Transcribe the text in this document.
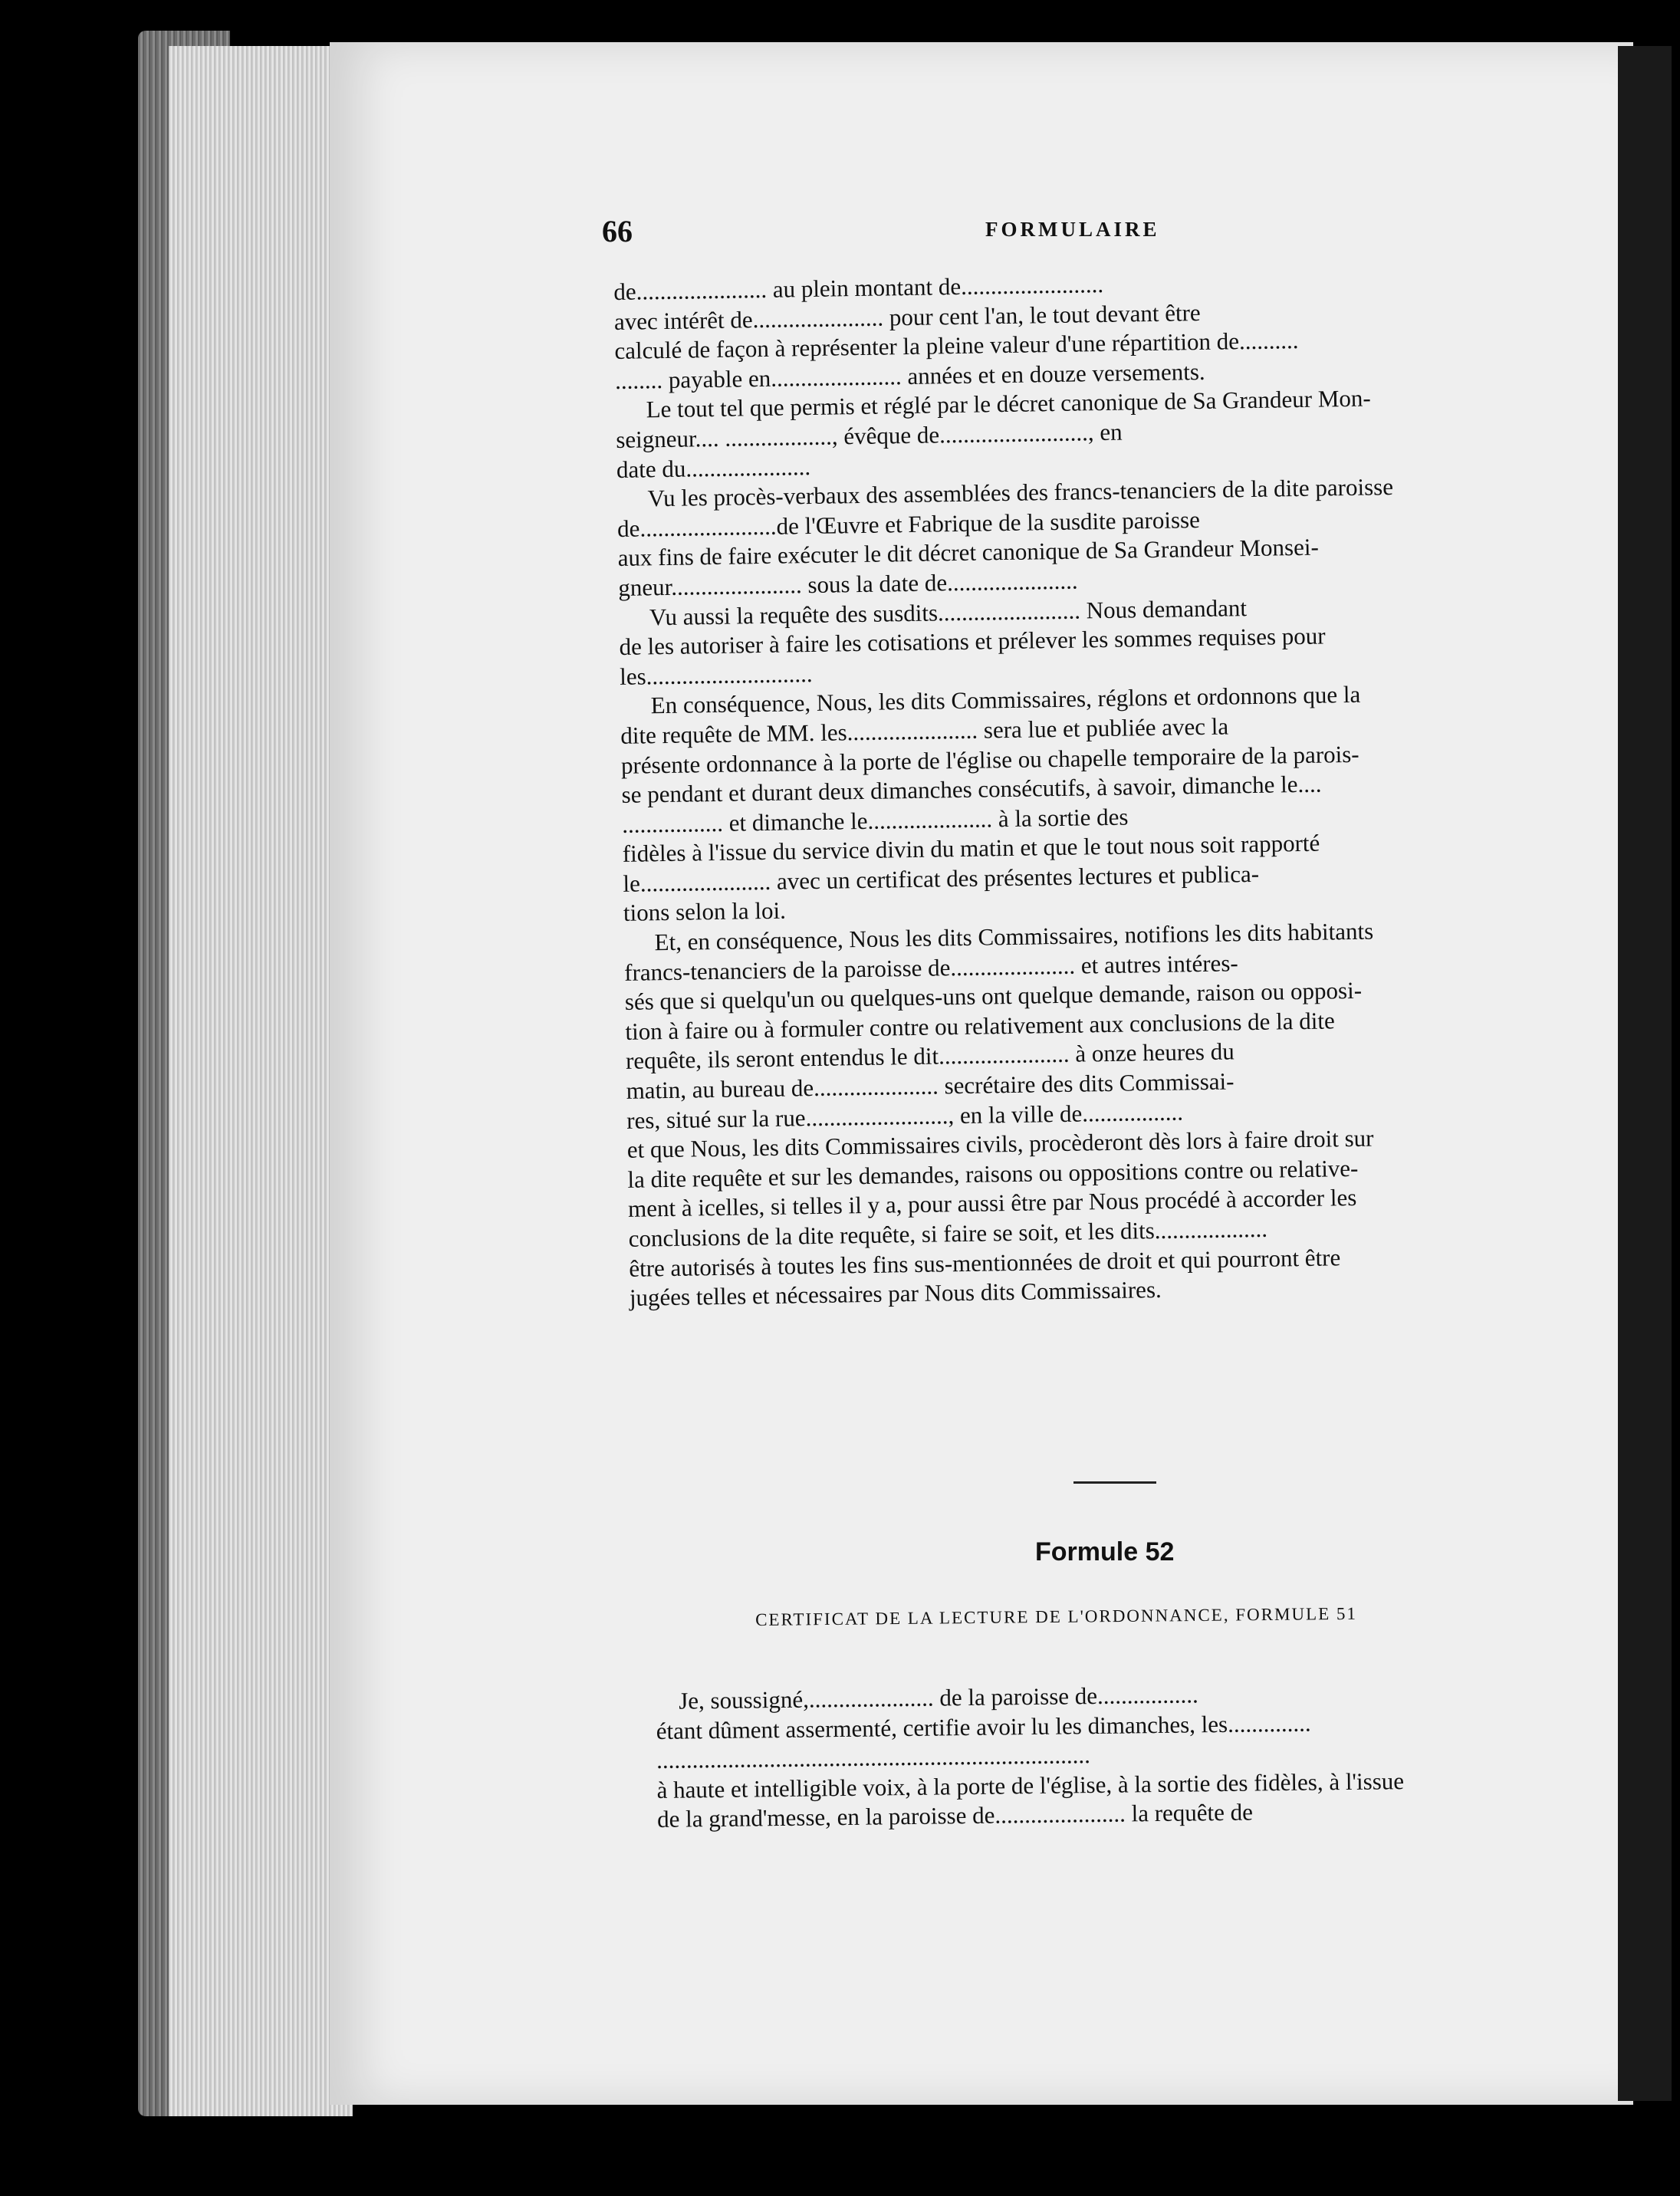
66	FORMULAIRE

de...................... au plein montant de........................

avec intérêt de...................... pour cent l'an, le tout devant être

calculé de façon à représenter la pleine valeur d'une répartition de..........

........ payable en...................... années et en douze versements.

Le tout tel que permis et réglé par le décret canonique de Sa Grandeur Mon-

seigneur.... .................., évêque de........................., en

date du.....................

Vu les procès-verbaux des assemblées des francs-tenanciers de la dite paroisse

de.......................de l'Œuvre et Fabrique de la susdite paroisse

aux fins de faire exécuter le dit décret canonique de Sa Grandeur Monsei-

gneur...................... sous la date de......................

Vu aussi la requête des susdits........................ Nous demandant

de les autoriser à faire les cotisations et prélever les sommes requises pour

les............................

En conséquence, Nous, les dits Commissaires, réglons et ordonnons que la

dite requête de MM. les...................... sera lue et publiée avec la

présente ordonnance à la porte de l'église ou chapelle temporaire de la parois-

se pendant et durant deux dimanches consécutifs, à savoir, dimanche le....

................. et dimanche le..................... à la sortie des

fidèles à l'issue du service divin du matin et que le tout nous soit rapporté

le...................... avec un certificat des présentes lectures et publica-

tions selon la loi.

Et, en conséquence, Nous les dits Commissaires, notifions les dits habitants

francs-tenanciers de la paroisse de..................... et autres intéres-

sés que si quelqu'un ou quelques-uns ont quelque demande, raison ou opposi-

tion à faire ou à formuler contre ou relativement aux conclusions de la dite

requête, ils seront entendus le dit...................... à onze heures du

matin, au bureau de..................... secrétaire des dits Commissai-

res, situé sur la rue........................, en la ville de.................

et que Nous, les dits Commissaires civils, procèderont dès lors à faire droit sur

la dite requête et sur les demandes, raisons ou oppositions contre ou relative-

ment à icelles, si telles il y a, pour aussi être par Nous procédé à accorder les

conclusions de la dite requête, si faire se soit, et les dits...................

être autorisés à toutes les fins sus-mentionnées de droit et qui pourront être

jugées telles et nécessaires par Nous dits Commissaires.

Formule 52
CERTIFICAT DE LA LECTURE DE L'ORDONNANCE, FORMULE 51

Je, soussigné,..................... de la paroisse de.................

étant dûment assermenté, certifie avoir lu les dimanches, les..............

.........................................................................

à haute et intelligible voix, à la porte de l'église, à la sortie des fidèles, à l'issue

de la grand'messe, en la paroisse de...................... la requête de
